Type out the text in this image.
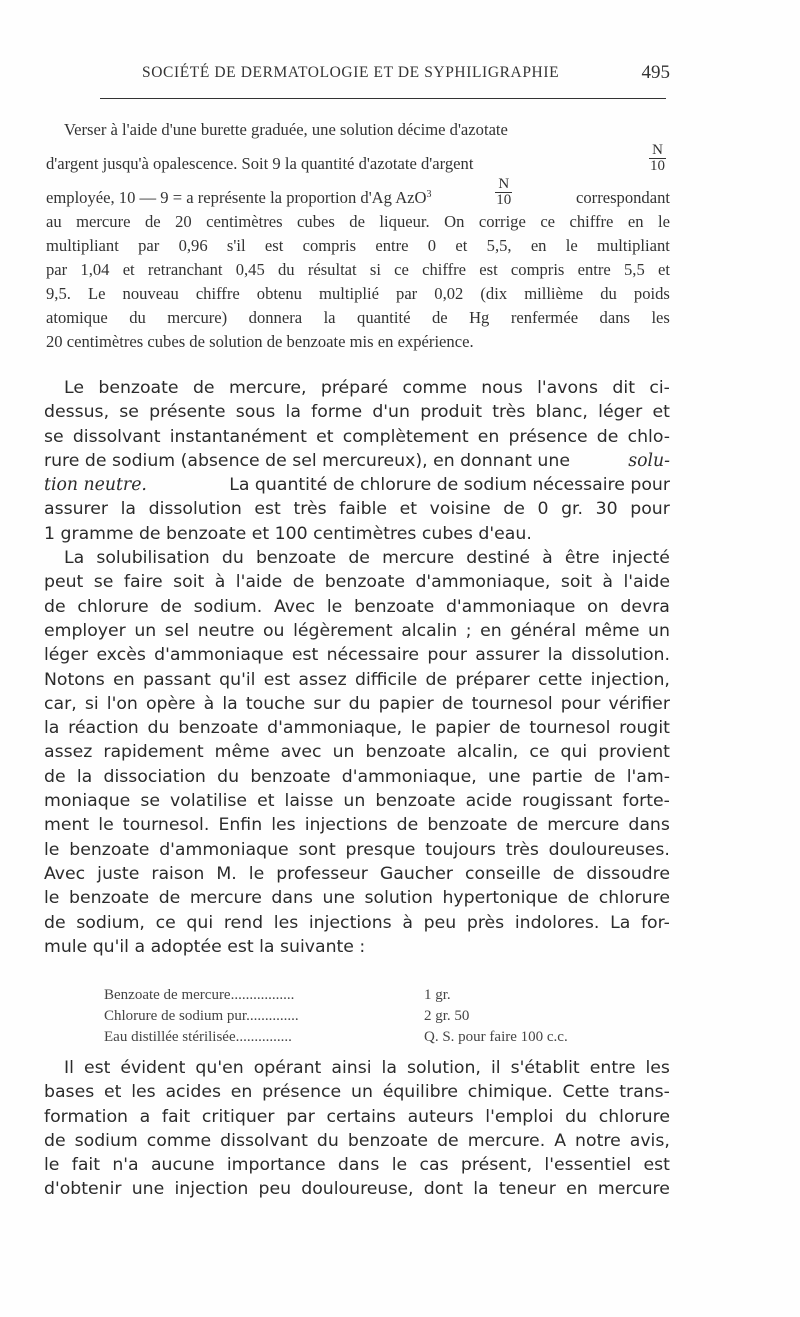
SOCIÉTÉ DE DERMATOLOGIE ET DE SYPHILIGRAPHIE	495
Verser à l'aide d'une burette graduée, une solution décime d'azotate
d'argent jusqu'à opalescence. Soit 9 la quantité d'azotate d'argent	$\frac{N}{10}$
employée, 10 — 9 = a représente la proportion d'Ag AzO$^3$	$\frac{N}{10}$	correspondant
au mercure de 20 centimètres cubes de liqueur. On corrige ce chiffre en le
multipliant par 0,96 s'il est compris entre 0 et 5,5, en le multipliant
par 1,04 et retranchant 0,45 du résultat si ce chiffre est compris entre 5,5 et
9,5. Le nouveau chiffre obtenu multiplié par 0,02 (dix millième du poids
atomique du mercure) donnera la quantité de Hg renfermée dans les
20 centimètres cubes de solution de benzoate mis en expérience.
Le benzoate de mercure, préparé comme nous l'avons dit ci-
dessus, se présente sous la forme d'un produit très blanc, léger et
se dissolvant instantanément et complètement en présence de chlo-
rure de sodium (absence de sel mercureux), en donnant une	solu-
tion neutre.	La quantité de chlorure de sodium nécessaire pour
assurer la dissolution est très faible et voisine de 0 gr. 30 pour
1 gramme de benzoate et 100 centimètres cubes d'eau.
La solubilisation du benzoate de mercure destiné à être injecté
peut se faire soit à l'aide de benzoate d'ammoniaque, soit à l'aide
de chlorure de sodium. Avec le benzoate d'ammoniaque on devra
employer un sel neutre ou légèrement alcalin ; en général même un
léger excès d'ammoniaque est nécessaire pour assurer la dissolution.
Notons en passant qu'il est assez difficile de préparer cette injection,
car, si l'on opère à la touche sur du papier de tournesol pour vérifier
la réaction du benzoate d'ammoniaque, le papier de tournesol rougit
assez rapidement même avec un benzoate alcalin, ce qui provient
de la dissociation du benzoate d'ammoniaque, une partie de l'am-
moniaque se volatilise et laisse un benzoate acide rougissant forte-
ment le tournesol. Enfin les injections de benzoate de mercure dans
le benzoate d'ammoniaque sont presque toujours très douloureuses.
Avec juste raison M. le professeur Gaucher conseille de dissoudre
le benzoate de mercure dans une solution hypertonique de chlorure
de sodium, ce qui rend les injections à peu près indolores. La for-
mule qu'il a adoptée est la suivante :
Benzoate de mercure.................	1 gr.
Chlorure de sodium pur..............	2 gr. 50
Eau distillée stérilisée...............	Q. S. pour faire 100 c.c.
Il est évident qu'en opérant ainsi la solution, il s'établit entre les
bases et les acides en présence un équilibre chimique. Cette trans-
formation a fait critiquer par certains auteurs l'emploi du chlorure
de sodium comme dissolvant du benzoate de mercure. A notre avis,
le fait n'a aucune importance dans le cas présent, l'essentiel est
d'obtenir une injection peu douloureuse, dont la teneur en mercure
